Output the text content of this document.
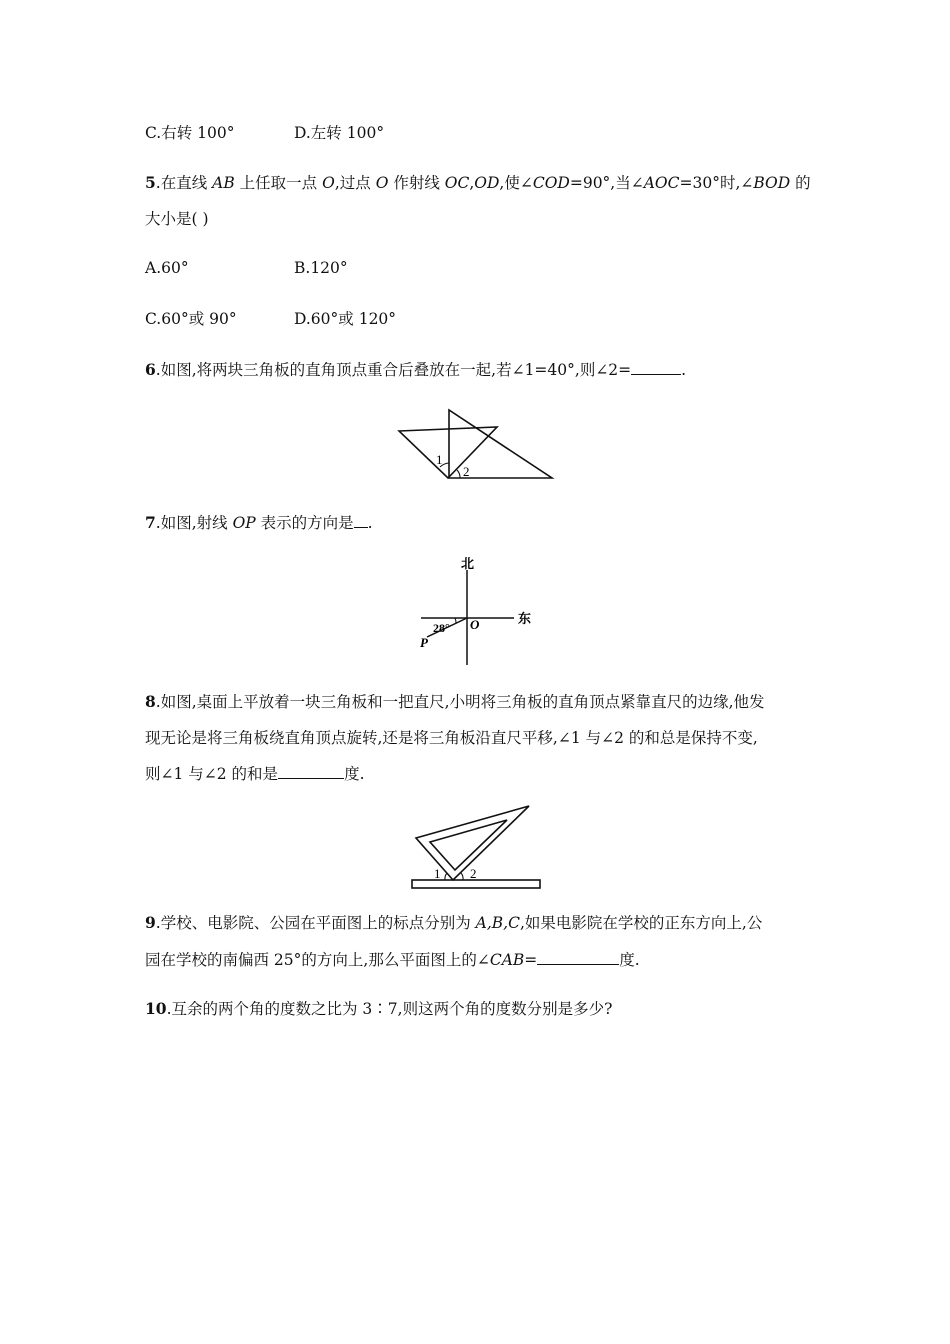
C.右转 100°	D.左转 100°
5.在直线 AB 上任取一点 O,过点 O 作射线 OC,OD,使∠COD=90°,当∠AOC=30°时,∠BOD 的
大小是( )
A.60°	B.120°
C.60°或 90°	D.60°或 120°
6.如图,将两块三角板的直角顶点重合后叠放在一起,若∠1=40°,则∠2=	.
1
2
7.如图,射线 OP 表示的方向是 .
北
东
28° O
P
8.如图,桌面上平放着一块三角板和一把直尺,小明将三角板的直角顶点紧靠直尺的边缘,他发
现无论是将三角板绕直角顶点旋转,还是将三角板沿直尺平移,∠1 与∠2 的和总是保持不变,
则∠1 与∠2 的和是	度.
1 2
9.学校、电影院、公园在平面图上的标点分别为 A,B,C,如果电影院在学校的正东方向上,公
园在学校的南偏西 25°的方向上,那么平面图上的∠CAB=	度.
10.互余的两个角的度数之比为 3∶7,则这两个角的度数分别是多少?
